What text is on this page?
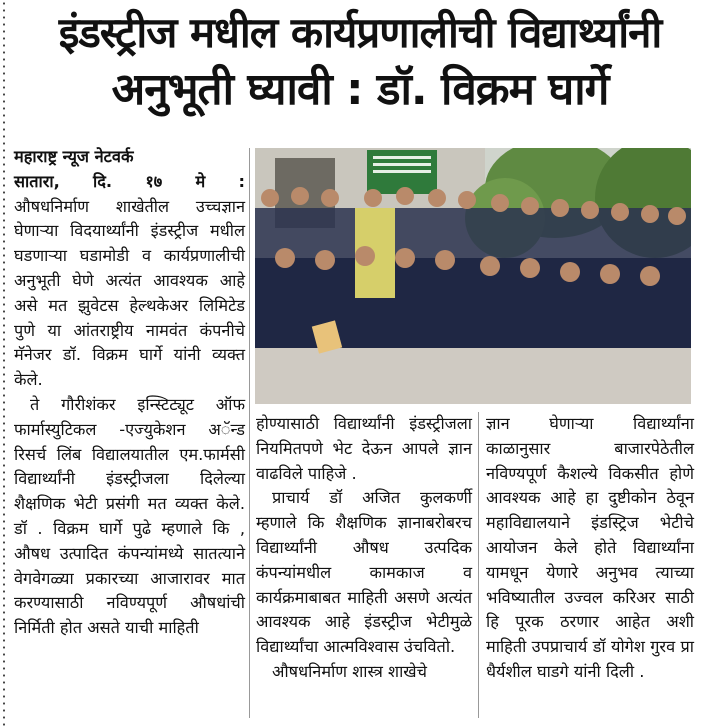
इंडस्ट्रीज मधील कार्यप्रणालीची विद्यार्थ्यांनी
अनुभूती घ्यावी : डॉ. विक्रम घार्गे

महाराष्ट्र न्यूज नेटवर्क

सातारा, दि. १७ मे :

औषधनिर्माण शाखेतील उच्चज्ञान घेणाऱ्या विदयार्थ्यांनी इंडस्ट्रीज मधील घडणाऱ्या घडामोडी व कार्यप्रणालीची अनुभूती घेणे अत्यंत आवश्यक आहे असे मत झुवेटस हेल्थकेअर लिमिटेड पुणे या आंतराष्ट्रीय नामवंत कंपनीचे मॅनेजर डॉ. विक्रम घार्गे यांनी व्यक्त केले.

ते गौरीशंकर इन्स्टिट्यूट ऑफ फार्मास्युटिकल -एज्युकेशन अॅन्ड रिसर्च लिंब विद्यालयातील एम.फार्मसी विद्यार्थ्यांनी इंडस्ट्रीजला दिलेल्या शैक्षणिक भेटी प्रसंगी मत व्यक्त केले. डॉ . विक्रम घार्गे पुढे म्हणाले कि , औषध उत्पादित कंपन्यांमध्ये सातत्याने वेगवेगळ्या प्रकारच्या आजारावर मात करण्यासाठी नविण्यपूर्ण औषधांची निर्मिती होत असते याची माहिती

होण्यासाठी विद्यार्थ्यांनी इंडस्ट्रीजला नियमितपणे भेट देऊन आपले ज्ञान वाढविले पाहिजे .

प्राचार्य डॉ अजित कुलकर्णी म्हणाले कि शैक्षणिक ज्ञानाबरोबरच विद्यार्थ्यांनी औषध उत्पदिक कंपन्यांमधील कामकाज व कार्यक्रमाबाबत माहिती असणे अत्यंत आवश्यक आहे इंडस्ट्रीज भेटीमुळे विद्यार्थ्यांचा आत्मविश्वास उंचवितो.

औषधनिर्माण शास्त्र शाखेचे

ज्ञान घेणाऱ्या विद्यार्थ्यांना काळानुसार बाजारपेठेतील नविण्यपूर्ण कैशल्ये विकसीत होणे आवश्यक आहे हा दुष्टीकोन ठेवून महाविद्यालयाने इंडस्ट्रिज भेटीचे आयोजन केले होते विद्यार्थ्यांना यामधून येणारे अनुभव त्याच्या भविष्यातील उज्वल करिअर साठी हि पूरक ठरणार आहेत अशी माहिती उपप्राचार्य डॉ योगेश गुरव प्रा धैर्यशील घाडगे यांनी दिली .
